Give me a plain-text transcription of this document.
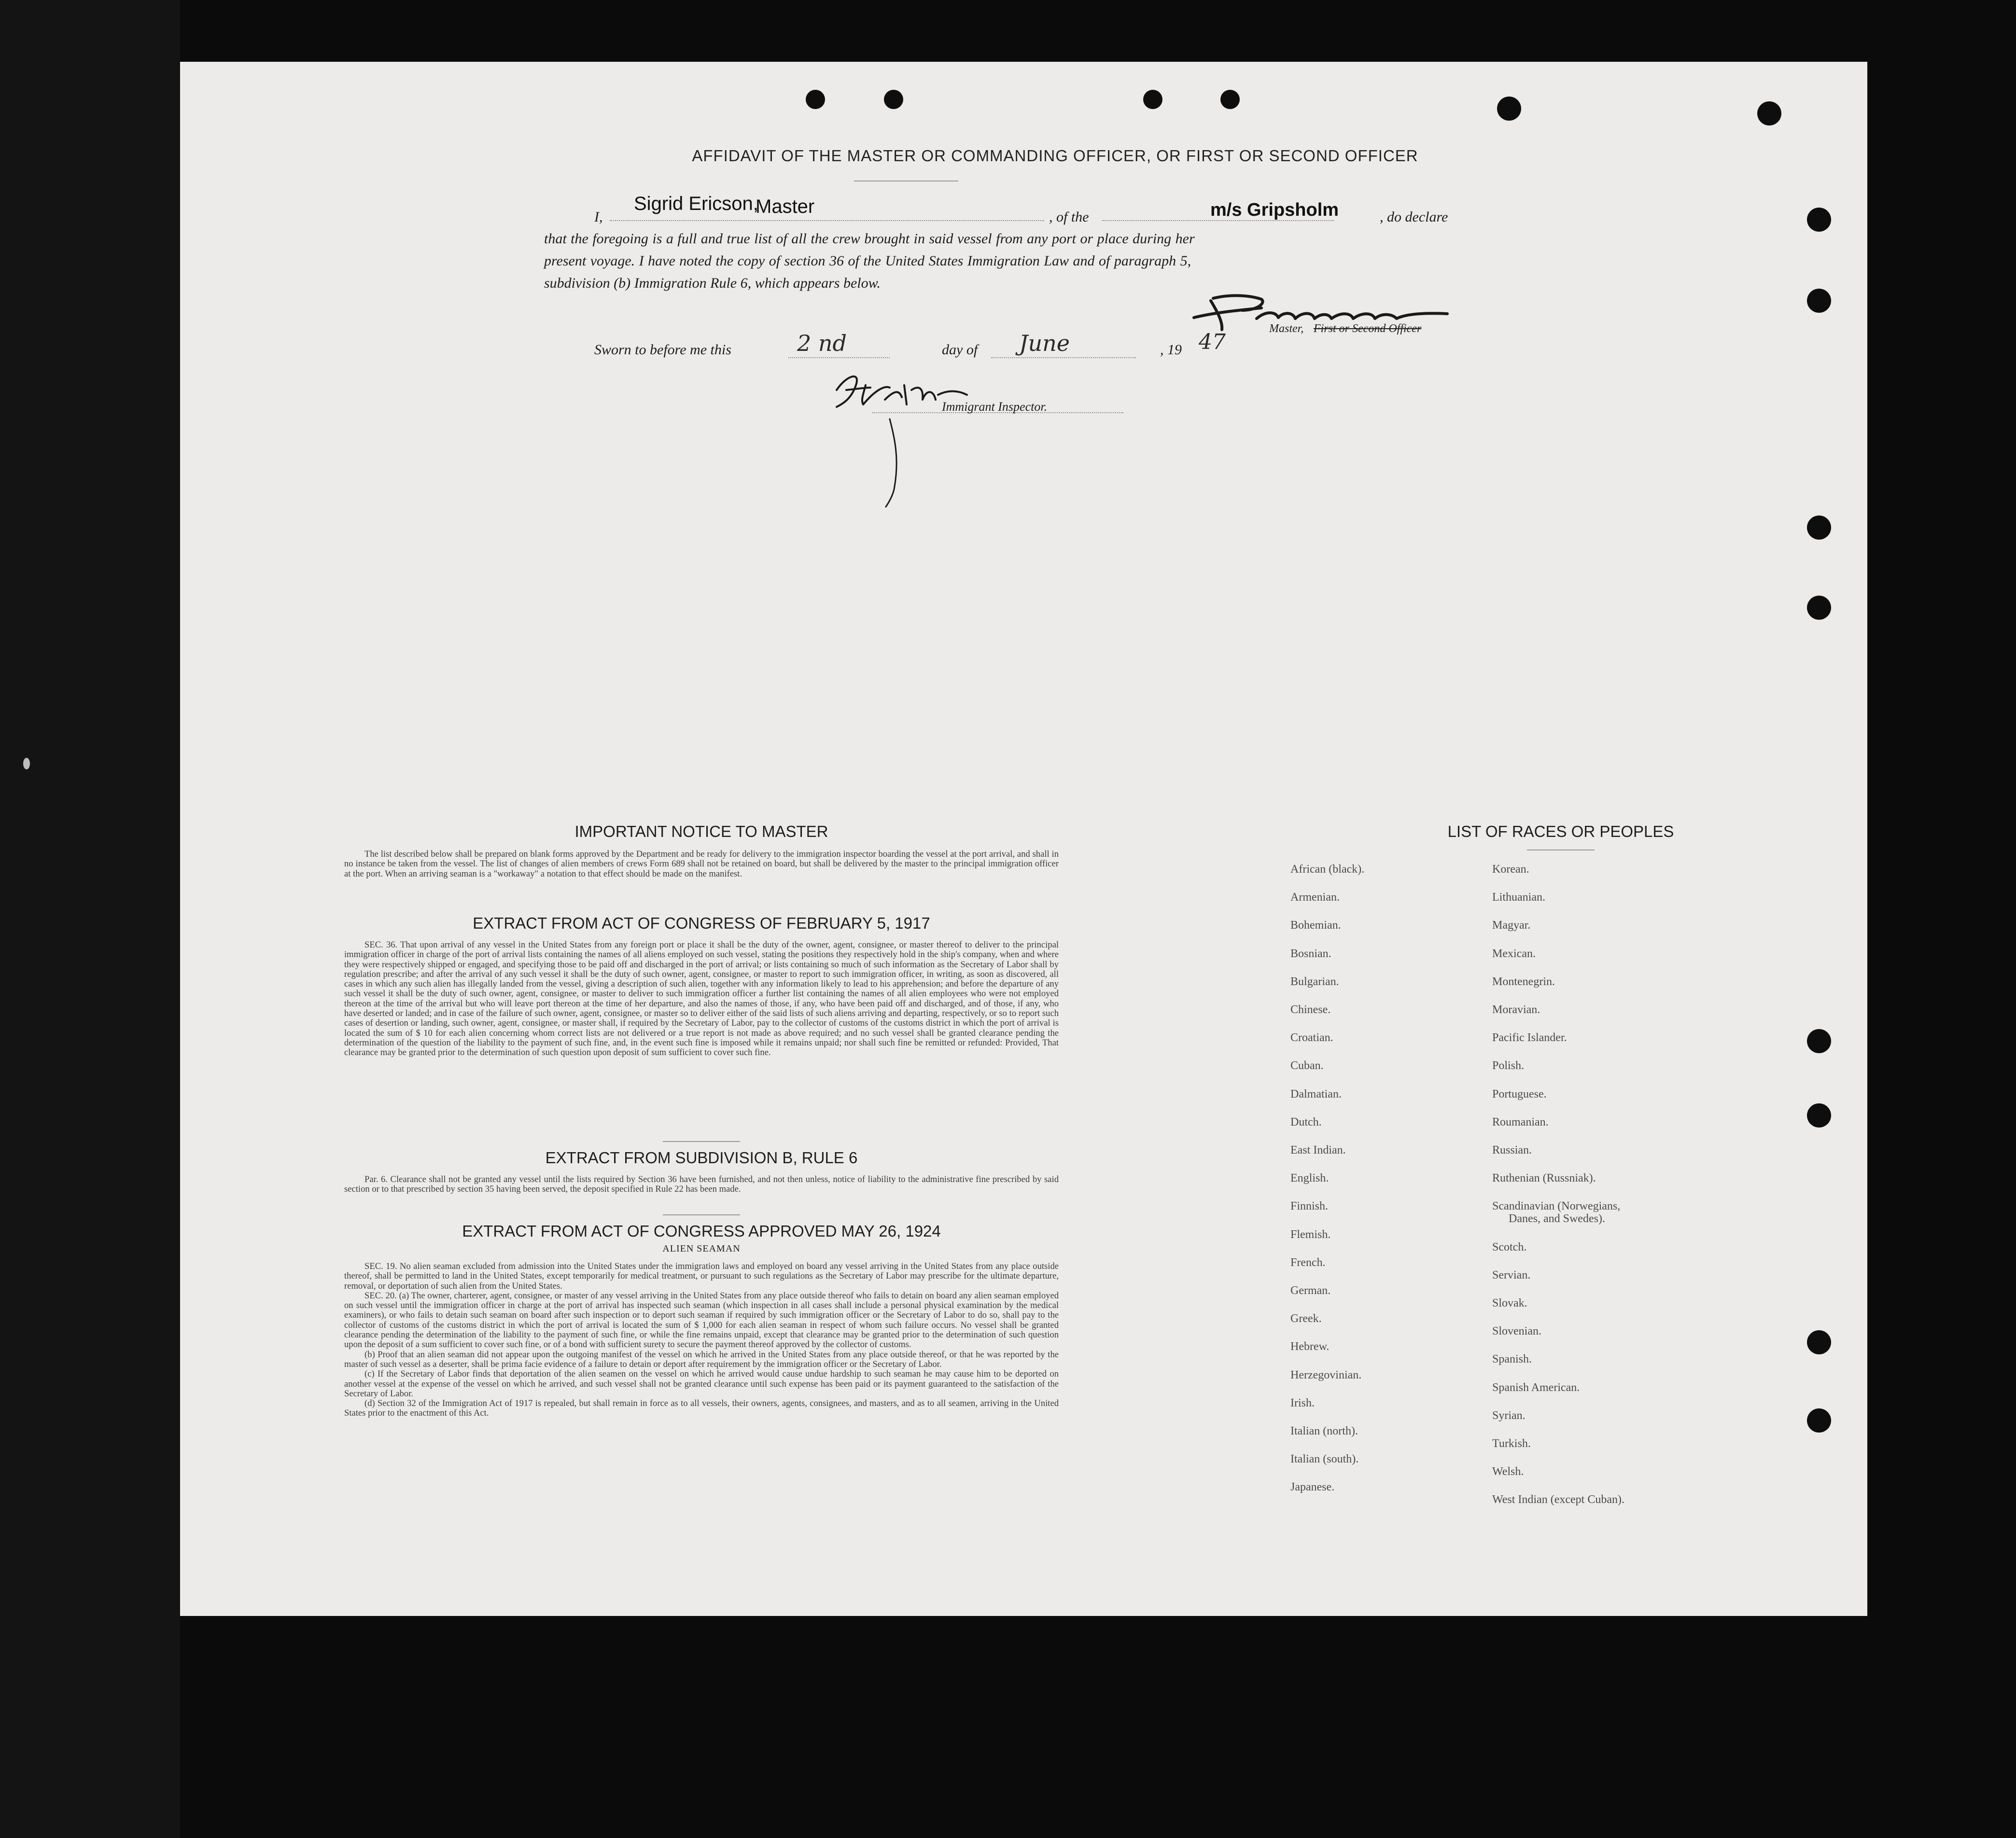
AFFIDAVIT OF THE MASTER OR COMMANDING OFFICER, OR FIRST OR SECOND OFFICER
I,
Sigrid Ericson,
Master	, of the	m/s Gripsholm	, do declare
that the foregoing is a full and true list of all the crew brought in said vessel from any port or place during her
present voyage. I have noted the copy of section 36 of the United States Immigration Law and of paragraph 5,
subdivision (b) Immigration Rule 6, which appears below.
Master, First or Second Officer
Sworn to before me this	2 nd	day of June	, 19 47
Immigrant Inspector.
IMPORTANT NOTICE TO MASTER

The list described below shall be prepared on blank forms approved by the Department and be ready for delivery to the immigration inspector boarding the vessel at the port arrival, and shall in no instance be taken from the vessel. The list of changes of alien members of crews Form 689 shall not be retained on board, but shall be delivered by the master to the principal immigration officer at the port. When an arriving seaman is a "workaway" a notation to that effect should be made on the manifest.

EXTRACT FROM ACT OF CONGRESS OF FEBRUARY 5, 1917

SEC. 36. That upon arrival of any vessel in the United States from any foreign port or place it shall be the duty of the owner, agent, consignee, or master thereof to deliver to the principal immigration officer in charge of the port of arrival lists containing the names of all aliens employed on such vessel, stating the positions they respectively hold in the ship's company, when and where they were respectively shipped or engaged, and specifying those to be paid off and discharged in the port of arrival; or lists containing so much of such information as the Secretary of Labor shall by regulation prescribe; and after the arrival of any such vessel it shall be the duty of such owner, agent, consignee, or master to report to such immigration officer, in writing, as soon as discovered, all cases in which any such alien has illegally landed from the vessel, giving a description of such alien, together with any information likely to lead to his apprehension; and before the departure of any such vessel it shall be the duty of such owner, agent, consignee, or master to deliver to such immigration officer a further list containing the names of all alien employees who were not employed thereon at the time of the arrival but who will leave port thereon at the time of her departure, and also the names of those, if any, who have been paid off and discharged, and of those, if any, who have deserted or landed; and in case of the failure of such owner, agent, consignee, or master so to deliver either of the said lists of such aliens arriving and departing, respectively, or so to report such cases of desertion or landing, such owner, agent, consignee, or master shall, if required by the Secretary of Labor, pay to the collector of customs of the customs district in which the port of arrival is located the sum of $ 10 for each alien concerning whom correct lists are not delivered or a true report is not made as above required; and no such vessel shall be granted clearance pending the determination of the question of the liability to the payment of such fine, and, in the event such fine is imposed while it remains unpaid; nor shall such fine be remitted or refunded: Provided, That clearance may be granted prior to the determination of such question upon deposit of sum sufficient to cover such fine.

EXTRACT FROM SUBDIVISION B, RULE 6

Par. 6. Clearance shall not be granted any vessel until the lists required by Section 36 have been furnished, and not then unless, notice of liability to the administrative fine prescribed by said section or to that prescribed by section 35 having been served, the deposit specified in Rule 22 has been made.

EXTRACT FROM ACT OF CONGRESS APPROVED MAY 26, 1924
ALIEN SEAMAN

SEC. 19. No alien seaman excluded from admission into the United States under the immigration laws and employed on board any vessel arriving in the United States from any place outside thereof, shall be permitted to land in the United States, except temporarily for medical treatment, or pursuant to such regulations as the Secretary of Labor may prescribe for the ultimate departure, removal, or deportation of such alien from the United States.

SEC. 20. (a) The owner, charterer, agent, consignee, or master of any vessel arriving in the United States from any place outside thereof who fails to detain on board any alien seaman employed on such vessel until the immigration officer in charge at the port of arrival has inspected such seaman (which inspection in all cases shall include a personal physical examination by the medical examiners), or who fails to detain such seaman on board after such inspection or to deport such seaman if required by such immigration officer or the Secretary of Labor to do so, shall pay to the collector of customs of the customs district in which the port of arrival is located the sum of $ 1,000 for each alien seaman in respect of whom such failure occurs. No vessel shall be granted clearance pending the determination of the liability to the payment of such fine, or while the fine remains unpaid, except that clearance may be granted prior to the determination of such question upon the deposit of a sum sufficient to cover such fine, or of a bond with sufficient surety to secure the payment thereof approved by the collector of customs.

(b) Proof that an alien seaman did not appear upon the outgoing manifest of the vessel on which he arrived in the United States from any place outside thereof, or that he was reported by the master of such vessel as a deserter, shall be prima facie evidence of a failure to detain or deport after requirement by the immigration officer or the Secretary of Labor.

(c) If the Secretary of Labor finds that deportation of the alien seamen on the vessel on which he arrived would cause undue hardship to such seaman he may cause him to be deported on another vessel at the expense of the vessel on which he arrived, and such vessel shall not be granted clearance until such expense has been paid or its payment guaranteed to the satisfaction of the Secretary of Labor.

(d) Section 32 of the Immigration Act of 1917 is repealed, but shall remain in force as to all vessels, their owners, agents, consignees, and masters, and as to all seamen, arriving in the United States prior to the enactment of this Act.

LIST OF RACES OR PEOPLES
African (black).
Armenian.
Bohemian.
Bosnian.
Bulgarian.
Chinese.
Croatian.
Cuban.
Dalmatian.
Dutch.
East Indian.
English.
Finnish.
Flemish.
French.
German.
Greek.
Hebrew.
Herzegovinian.
Irish.
Italian (north).
Italian (south).
Japanese.
Korean.
Lithuanian.
Magyar.
Mexican.
Montenegrin.
Moravian.
Pacific Islander.
Polish.
Portuguese.
Roumanian.
Russian.
Ruthenian (Russniak).
Scandinavian (Norwegians,
Danes, and Swedes).
Scotch.
Servian.
Slovak.
Slovenian.
Spanish.
Spanish American.
Syrian.
Turkish.
Welsh.
West Indian (except Cuban).
